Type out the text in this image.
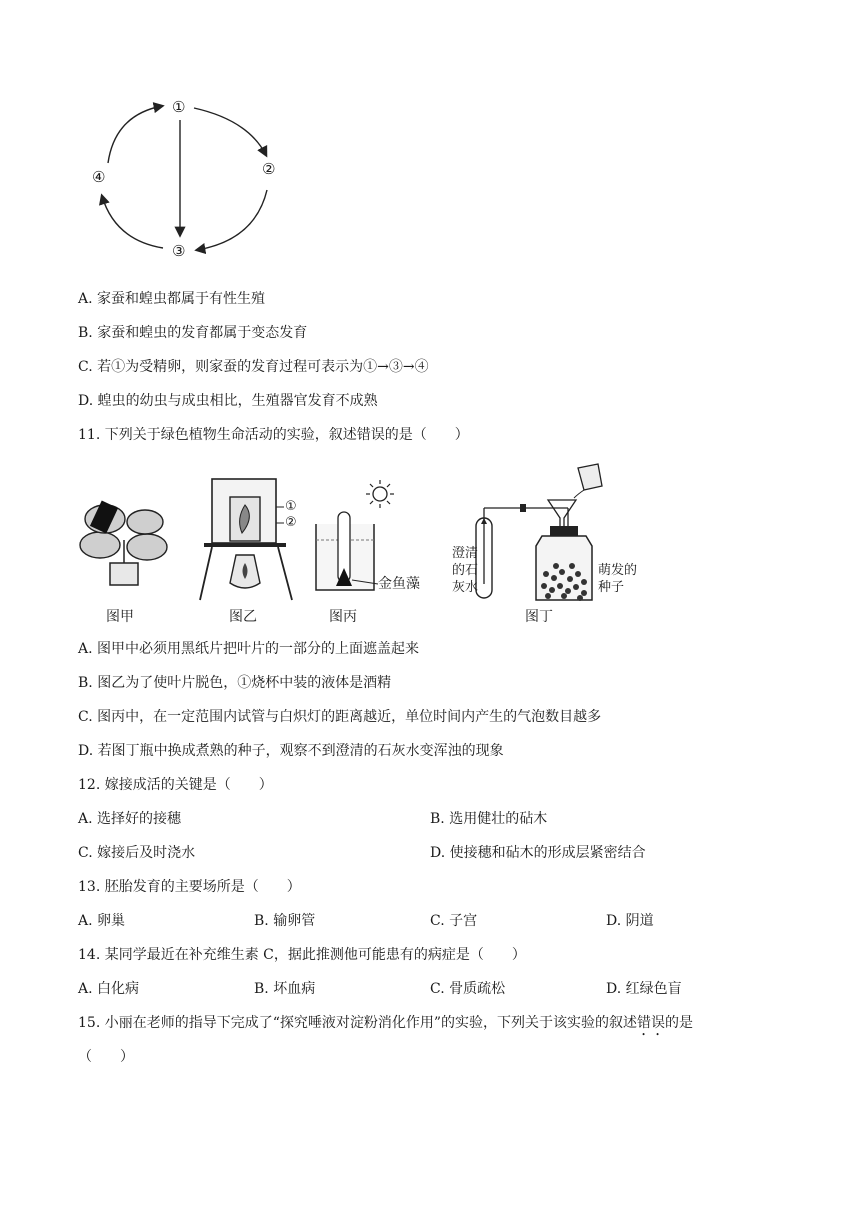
①
②
③
④
A. 家蚕和蝗虫都属于有性生殖
B. 家蚕和蝗虫的发育都属于变态发育
C. 若①为受精卵，则家蚕的发育过程可表示为①→③→④
D. 蝗虫的幼虫与成虫相比，生殖器官发育不成熟
11. 下列关于绿色植物生命活动的实验，叙述错误的是（　　）
①
②
金鱼藻
澄清
的石
灰水
萌发的
种子
图甲	图乙	图丙	图丁
A. 图甲中必须用黑纸片把叶片的一部分的上面遮盖起来
B. 图乙为了使叶片脱色，①烧杯中装的液体是酒精
C. 图丙中，在一定范围内试管与白炽灯的距离越近，单位时间内产生的气泡数目越多
D. 若图丁瓶中换成煮熟的种子，观察不到澄清的石灰水变浑浊的现象
12. 嫁接成活的关键是（　　）
A. 选择好的接穗	B. 选用健壮的砧木
C. 嫁接后及时浇水	D. 使接穗和砧木的形成层紧密结合
13. 胚胎发育的主要场所是（　　）
A. 卵巢	B. 输卵管	C. 子宫	D. 阴道
14. 某同学最近在补充维生素 C，据此推测他可能患有的病症是（　　）
A. 白化病	B. 坏血病	C. 骨质疏松	D. 红绿色盲
15. 小丽在老师的指导下完成了“探究唾液对淀粉消化作用”的实验，下列关于该实验的叙述错误的是
（　　）
